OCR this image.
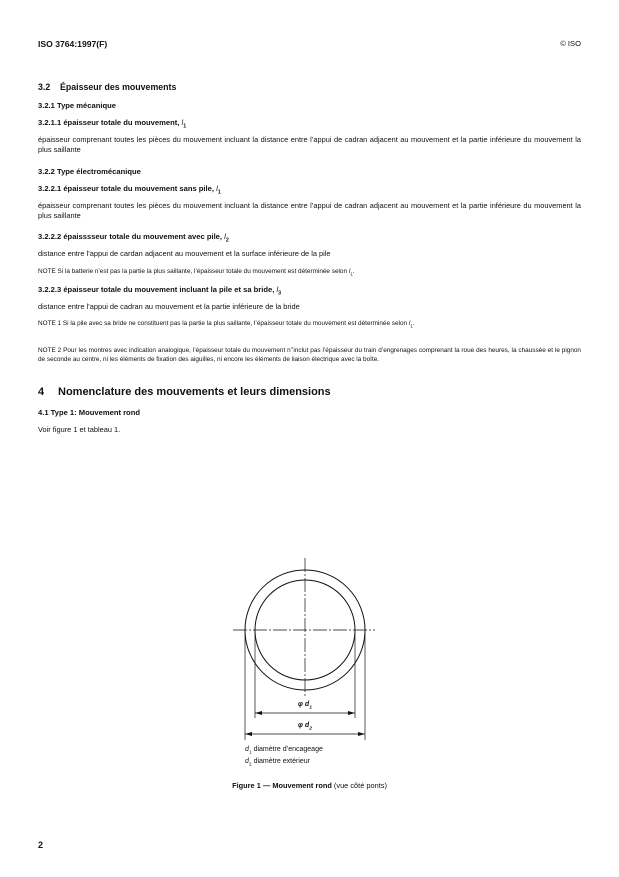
ISO 3764:1997(F)	© ISO
3.2 Épaisseur des mouvements
3.2.1 Type mécanique
3.2.1.1 épaisseur totale du mouvement, $l_1$
épaisseur comprenant toutes les pièces du mouvement incluant la distance entre l’appui de cadran adjacent au mouvement et la partie inférieure du mouvement la plus saillante
3.2.2 Type électromécanique
3.2.2.1 épaisseur totale du mouvement sans pile, $l_1$
épaisseur comprenant toutes les pièces du mouvement incluant la distance entre l’appui de cadran adjacent au mouvement et la partie inférieure du mouvement la plus saillante
3.2.2.2 épaisssseur totale du mouvement avec pile, $l_2$
distance entre l’appui de cardan adjacent au mouvement et la surface inférieure de la pile
NOTE Si la batterie n’est pas la partie la plus saillante, l’épaisseur totale du mouvement est déterminée selon $l_1$.
3.2.2.3 épaisseur totale du mouvement incluant la pile et sa bride, $l_3$
distance entre l’appui de cadran au mouvement et la partie inférieure de la bride
NOTE 1 Si la pile avec sa bride ne constituent pas la partie la plus saillante, l’épaisseur totale du mouvement est déterminée selon $l_1$.
NOTE 2 Pour les montres avec indication analogique, l’épaisseur totale du mouvement n’’inclut pas l’épaisseur du train d’engrenages comprenant la roue des heures, la chaussée et le pignon de seconde au centre, ni les éléments de fixation des aiguilles, ni encore les éléments de liaison électrique avec la boîte.
4 Nomenclature des mouvements et leurs dimensions
4.1 Type 1: Mouvement rond
Voir figure 1 et tableau 1.
φ $d_1$
φ $d_2$
$d_1$ diamètre d’encageage
$d_2$ diamètre extérieur
Figure 1 — Mouvement rond (vue côté ponts)
2
